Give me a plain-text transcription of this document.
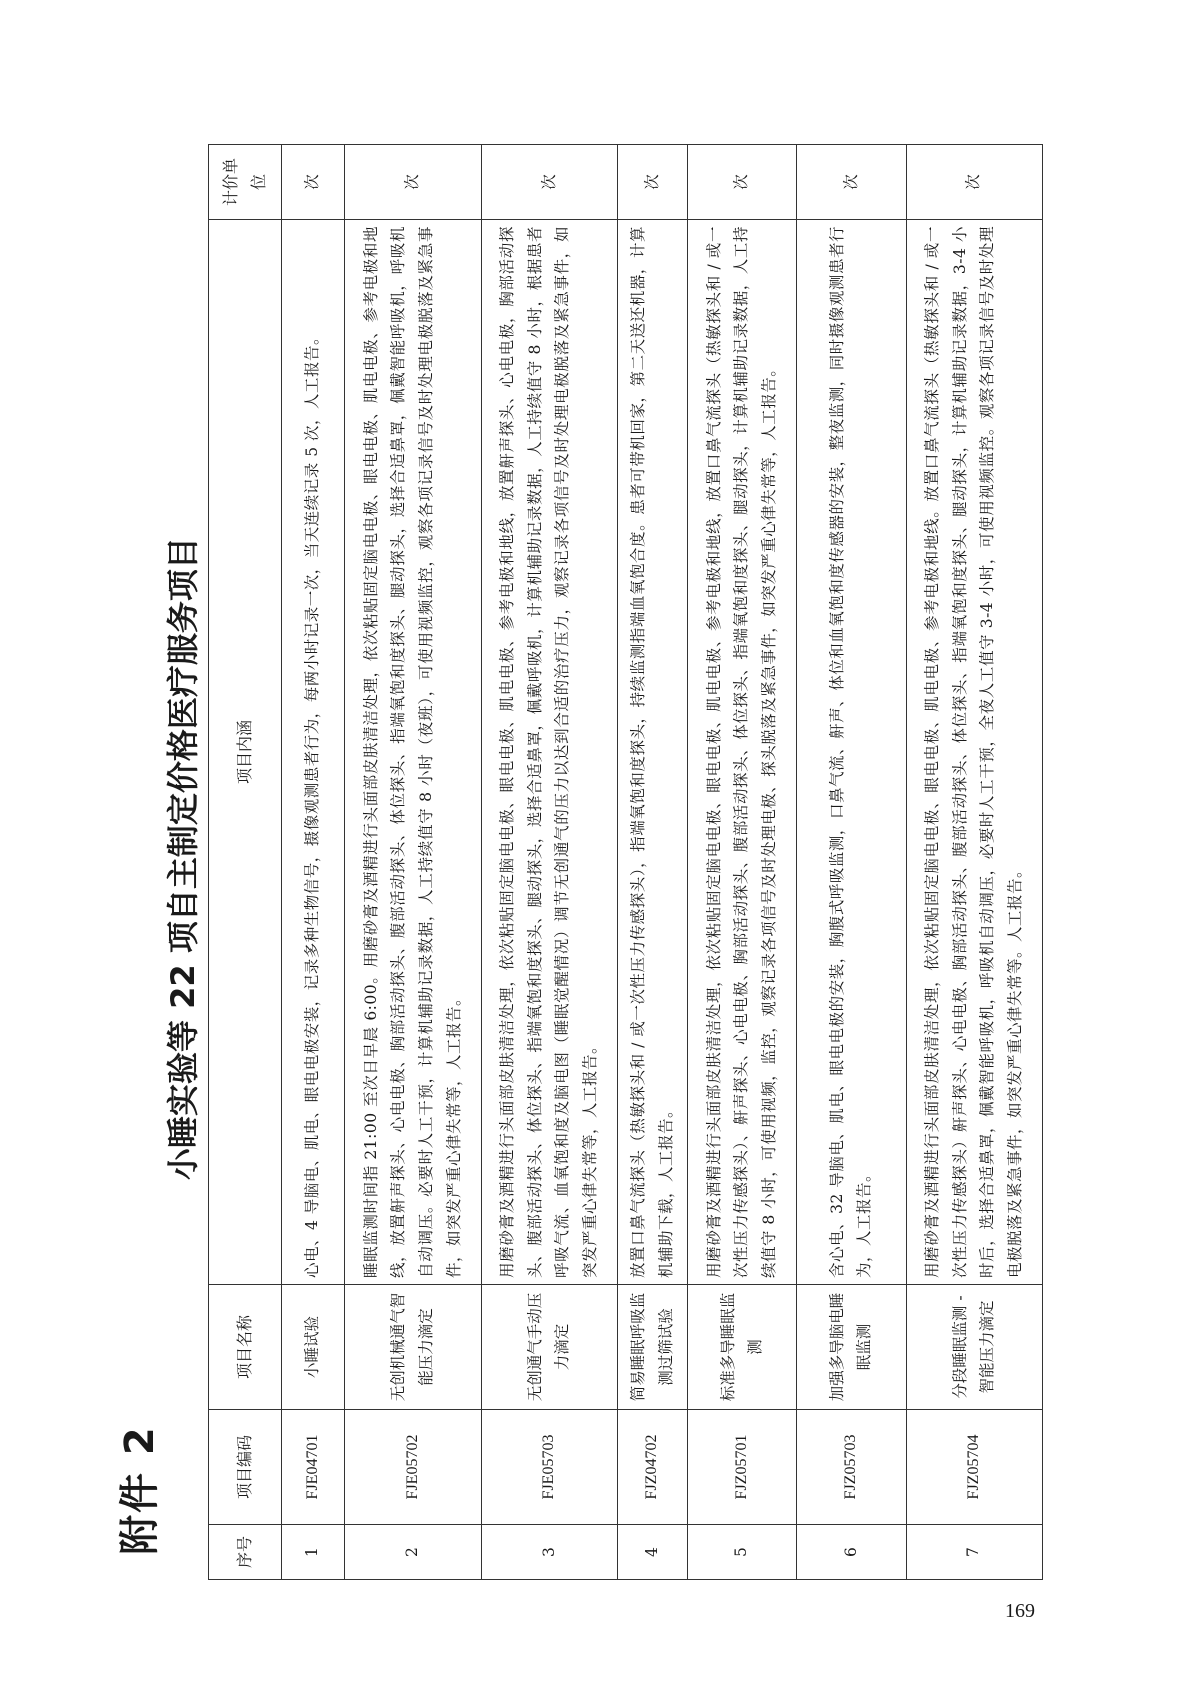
附件 2
小睡实验等 22 项自主制定价格医疗服务项目
序号	项目编码	项目名称	项目内涵	计价单位
1	FJE04701	小睡试验	心电、4 导脑电、肌电、眼电电极安装，记录多种生物信号，摄像观测患者行为，每两小时记录一次，当天连续记录 5 次，人工报告。	次
2	FJE05702	无创机械通气智能压力滴定	睡眠监测时间指 21:00 至次日早晨 6:00。用磨砂膏及酒精进行头面部皮肤清洁处理，依次粘贴固定脑电电极、眼电电极、肌电电极、参考电极和地线，放置鼾声探头、心电电极、胸部活动探头、腹部活动探头、体位探头、指端氧饱和度探头、腿动探头，选择合适鼻罩，佩戴智能呼吸机，呼吸机自动调压。必要时人工干预，计算机辅助记录数据，人工持续值守 8 小时（夜班），可使用视频监控，观察各项记录信号及时处理电极脱落及紧急事件，如突发严重心律失常等，人工报告。	次
3	FJE05703	无创通气手动压力滴定	用磨砂膏及酒精进行头面部皮肤清洁处理，依次粘贴固定脑电电极、眼电电极、肌电电极、参考电极和地线，放置鼾声探头、心电电极，胸部活动探头、腹部活动探头、体位探头、指端氧饱和度探头、腿动探头，选择合适鼻罩，佩戴呼吸机，计算机辅助记录数据，人工持续值守 8 小时，根据患者呼吸气流、血氧饱和度及脑电图（睡眠觉醒情况）调节无创通气的压力以达到合适的治疗压力，观察记录各项信号及时处理电极脱落及紧急事件，如突发严重心律失常等，人工报告。	次
4	FJZ04702	简易睡眠呼吸监测过筛试验	放置口鼻气流探头（热敏探头和 / 或一次性压力传感探头），指端氧饱和度探头，持续监测指端血氧饱合度。患者可带机回家，第二天送还机器，计算机辅助下载，人工报告。	次
5	FJZ05701	标准多导睡眠监测	用磨砂膏及酒精进行头面部皮肤清洁处理，依次粘贴固定脑电电极、眼电电极、肌电电极、参考电极和地线，放置口鼻气流探头（热敏探头和 / 或一次性压力传感探头）、鼾声探头、心电电极、胸部活动探头、腹部活动探头、体位探头、指端氧饱和度探头、腿动探头，计算机辅助记录数据，人工持续值守 8 小时，可使用视频，监控，观察记录各项信号及时处理电极、探头脱落及紧急事件，如突发严重心律失常等，人工报告。	次
6	FJZ05703	加强多导脑电睡眠监测	含心电、32 导脑电、肌电、眼电电极的安装，胸腹式呼吸监测，口鼻气流、鼾声、体位和血氧饱和度传感器的安装，整夜监测，同时摄像观测患者行为，人工报告。	次
7	FJZ05704	分段睡眠监测 - 智能压力滴定	用磨砂膏及酒精进行头面部皮肤清洁处理，依次粘贴固定脑电电极、眼电电极、肌电电极、参考电极和地线。放置口鼻气流探头（热敏探头和 / 或一次性压力传感探头）鼾声探头、心电电极、胸部活动探头、腹部活动探头、体位探头、指端氧饱和度探头、腿动探头，计算机辅助记录数据，3-4 小时后，选择合适鼻罩，佩戴智能呼吸机，呼吸机自动调压，必要时人工干预，全夜人工值守 3-4 小时，可使用视频监控。观察各项记录信号及时处理电极脱落及紧急事件，如突发严重心律失常等。人工报告。	次
169
